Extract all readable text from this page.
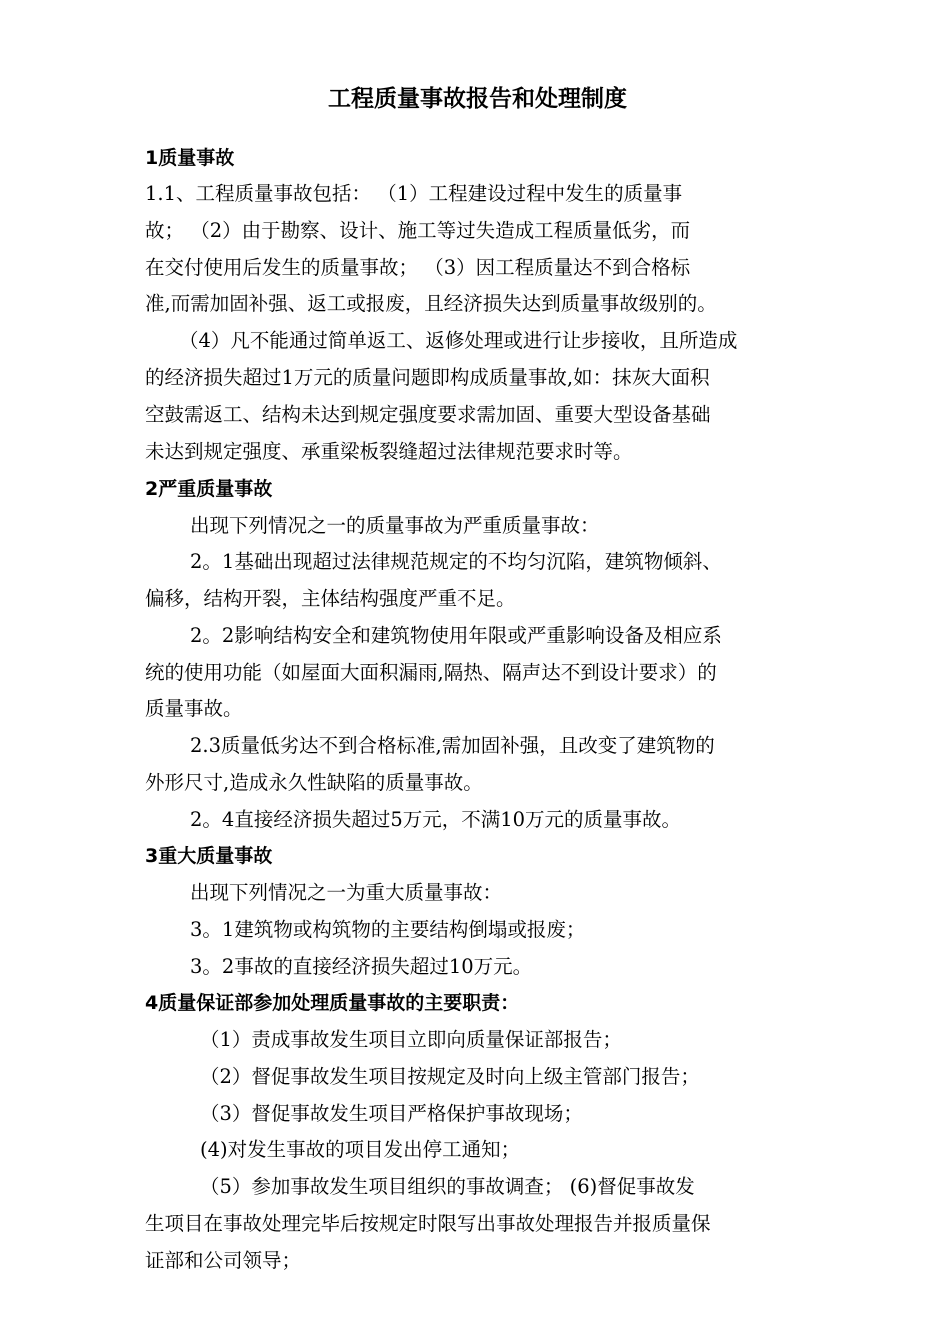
工程质量事故报告和处理制度
1质量事故
1.1、工程质量事故包括： （1）工程建设过程中发生的质量事
故； （2）由于勘察、设计、施工等过失造成工程质量低劣，而
在交付使用后发生的质量事故； （3）因工程质量达不到合格标
准,而需加固补强、返工或报废，且经济损失达到质量事故级别的。
（4）凡不能通过简单返工、返修处理或进行让步接收，且所造成
的经济损失超过1万元的质量问题即构成质量事故,如：抹灰大面积
空鼓需返工、结构未达到规定强度要求需加固、重要大型设备基础
未达到规定强度、承重梁板裂缝超过法律规范要求时等。
2严重质量事故
出现下列情况之一的质量事故为严重质量事故：
2。1基础出现超过法律规范规定的不均匀沉陷，建筑物倾斜、
偏移，结构开裂，主体结构强度严重不足。
2。2影响结构安全和建筑物使用年限或严重影响设备及相应系
统的使用功能（如屋面大面积漏雨,隔热、隔声达不到设计要求）的
质量事故。
2.3质量低劣达不到合格标准,需加固补强，且改变了建筑物的
外形尺寸,造成永久性缺陷的质量事故。
2。4直接经济损失超过5万元，不满10万元的质量事故。
3重大质量事故
出现下列情况之一为重大质量事故：
3。1建筑物或构筑物的主要结构倒塌或报废；
3。2事故的直接经济损失超过10万元。
4质量保证部参加处理质量事故的主要职责：
（1）责成事故发生项目立即向质量保证部报告；
（2）督促事故发生项目按规定及时向上级主管部门报告；
（3）督促事故发生项目严格保护事故现场；
(4)对发生事故的项目发出停工通知；
（5）参加事故发生项目组织的事故调查； (6)督促事故发
生项目在事故处理完毕后按规定时限写出事故处理报告并报质量保
证部和公司领导；
